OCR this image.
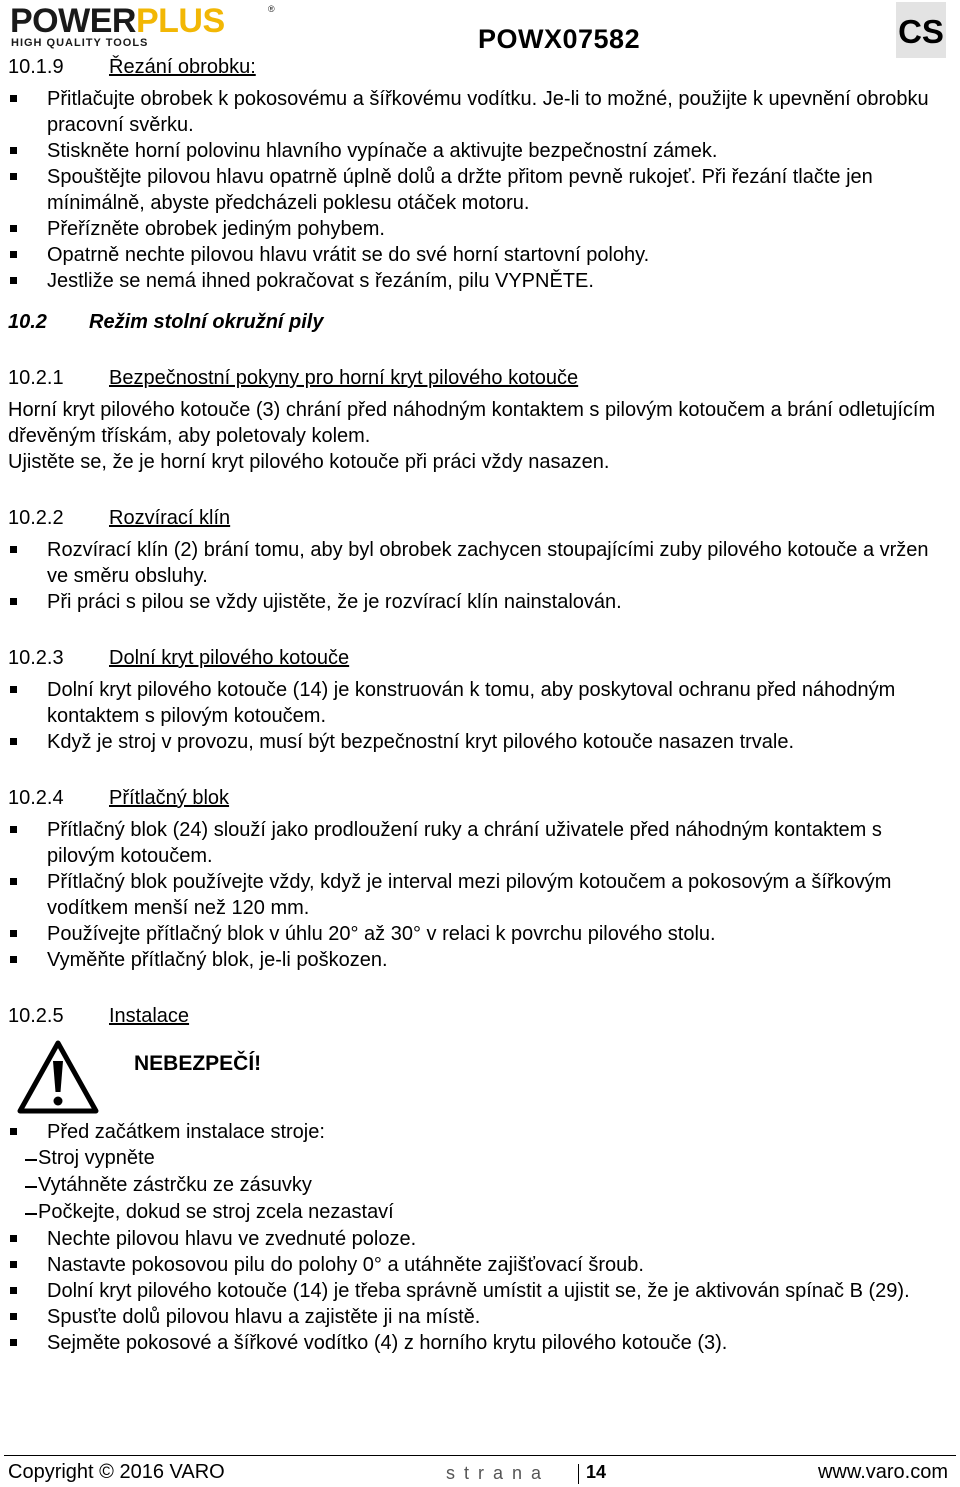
POWERPLUS	®
HIGH QUALITY TOOLS	POWX07582	CS
10.1.9	Řezání obrobku:
Přitlačujte obrobek k pokosovému a šířkovému vodítku. Je-li to možné, použijte k upevnění obrobku pracovní svěrku.
Stiskněte horní polovinu hlavního vypínače a aktivujte bezpečnostní zámek.
Spouštějte pilovou hlavu opatrně úplně dolů a držte přitom pevně rukojeť. Při řezání tlačte jen mínimálně, abyste předcházeli poklesu otáček motoru.
Přeřízněte obrobek jediným pohybem.
Opatrně nechte pilovou hlavu vrátit se do své horní startovní polohy.
Jestliže se nemá ihned pokračovat s řezáním, pilu VYPNĚTE.
10.2	Režim stolní okružní pily
10.2.1	Bezpečnostní pokyny pro horní kryt pilového kotouče

Horní kryt pilového kotouče (3) chrání před náhodným kontaktem s pilovým kotoučem a brání odletujícím dřevěným třískám, aby poletovaly kolem.

Ujistěte se, že je horní kryt pilového kotouče při práci vždy nasazen.

10.2.2	Rozvírací klín
Rozvírací klín (2) brání tomu, aby byl obrobek zachycen stoupajícími zuby pilového kotouče a vržen ve směru obsluhy.
Při práci s pilou se vždy ujistěte, že je rozvírací klín nainstalován.
10.2.3	Dolní kryt pilového kotouče
Dolní kryt pilového kotouče (14) je konstruován k tomu, aby poskytoval ochranu před náhodným kontaktem s pilovým kotoučem.
Když je stroj v provozu, musí být bezpečnostní kryt pilového kotouče nasazen trvale.
10.2.4	Přítlačný blok
Přítlačný blok (24) slouží jako prodloužení ruky a chrání uživatele před náhodným kontaktem s pilovým kotoučem.
Přítlačný blok používejte vždy, když je interval mezi pilovým kotoučem a pokosovým a šířkovým vodítkem menší než 120 mm.
Používejte přítlačný blok v úhlu 20° až 30° v relaci k povrchu pilového stolu.
Vyměňte přítlačný blok, je-li poškozen.
10.2.5	Instalace
NEBEZPEČÍ!
Před začátkem instalace stroje:
Stroj vypněte
Vytáhněte zástrčku ze zásuvky
Počkejte, dokud se stroj zcela nezastaví
Nechte pilovou hlavu ve zvednuté poloze.
Nastavte pokosovou pilu do polohy 0° a utáhněte zajišťovací šroub.
Dolní kryt pilového kotouče (14) je třeba správně umístit a ujistit se, že je aktivován spínač B (29).
Spusťte dolů pilovou hlavu a zajistěte ji na místě.
Sejměte pokosové a šířkové vodítko (4) z horního krytu pilového kotouče (3).
Copyright © 2016 VARO	strana 14	www.varo.com
